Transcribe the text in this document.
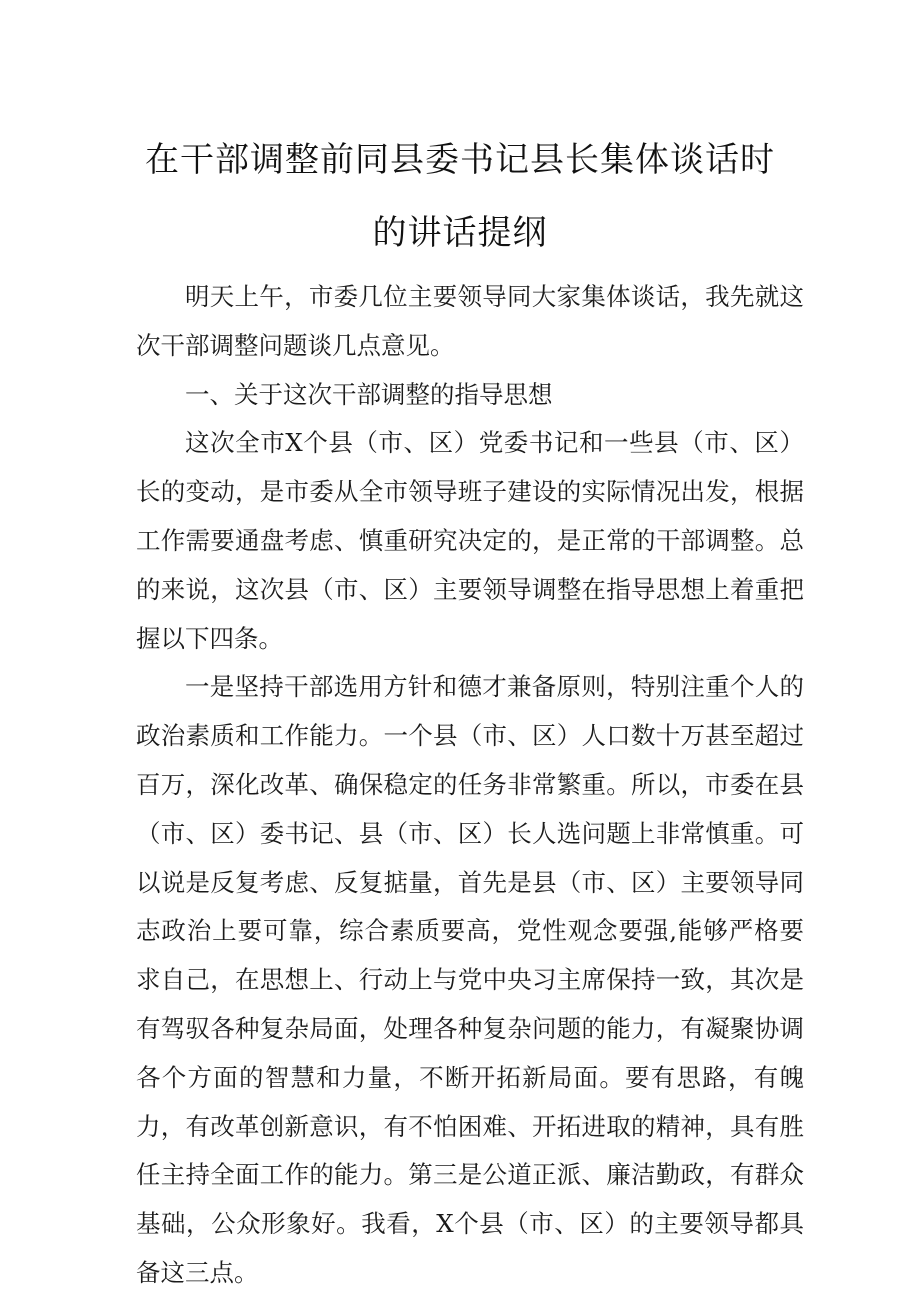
在干部调整前同县委书记县长集体谈话时
的讲话提纲

明天上午，市委几位主要领导同大家集体谈话，我先就这次干部调整问题谈几点意见。

一、关于这次干部调整的指导思想

这次全市X个县（市、区）党委书记和一些县（市、区）长的变动，是市委从全市领导班子建设的实际情况出发，根据工作需要通盘考虑、慎重研究决定的，是正常的干部调整。总的来说，这次县（市、区）主要领导调整在指导思想上着重把握以下四条。

一是坚持干部选用方针和德才兼备原则，特别注重个人的政治素质和工作能力。一个县（市、区）人口数十万甚至超过百万，深化改革、确保稳定的任务非常繁重。所以，市委在县（市、区）委书记、县（市、区）长人选问题上非常慎重。可以说是反复考虑、反复掂量，首先是县（市、区）主要领导同志政治上要可靠，综合素质要高，党性观念要强,能够严格要求自己，在思想上、行动上与党中央习主席保持一致，其次是有驾驭各种复杂局面，处理各种复杂问题的能力，有凝聚协调各个方面的智慧和力量，不断开拓新局面。要有思路，有魄力，有改革创新意识，有不怕困难、开拓进取的精神，具有胜任主持全面工作的能力。第三是公道正派、廉洁勤政，有群众基础，公众形象好。我看，X个县（市、区）的主要领导都具备这三点。
